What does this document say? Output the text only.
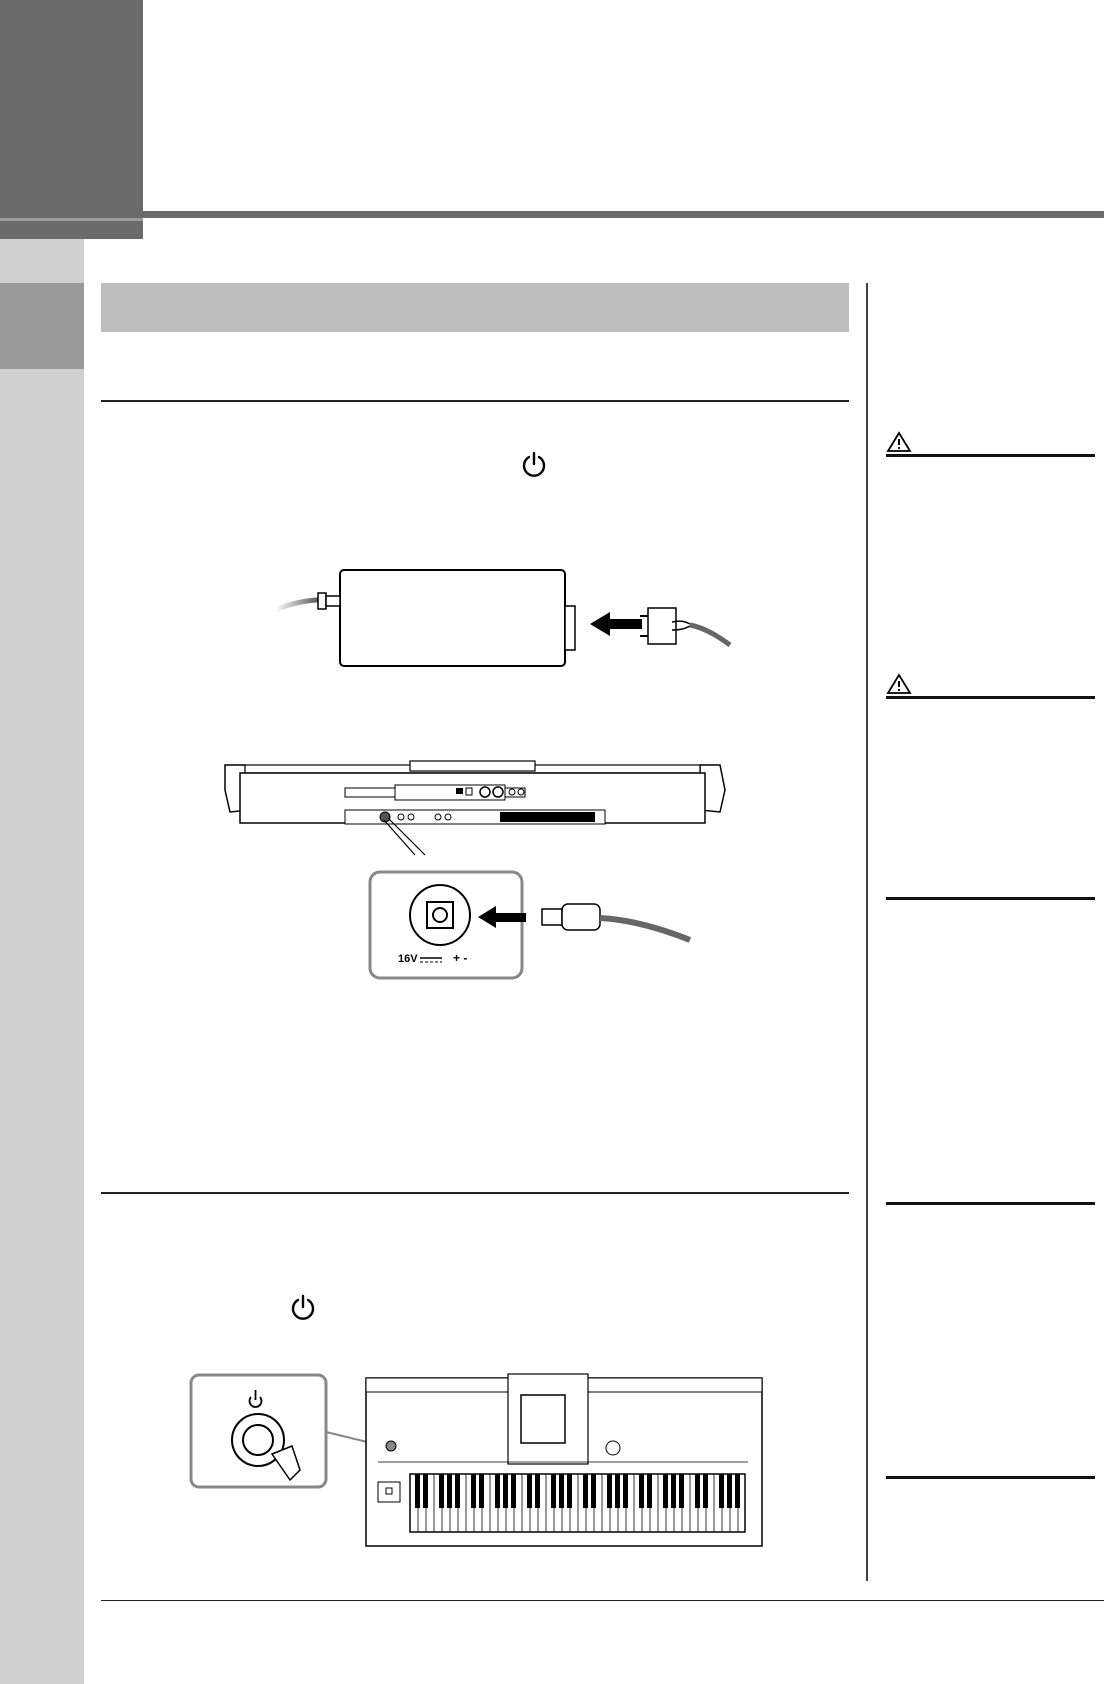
16V	+ -
